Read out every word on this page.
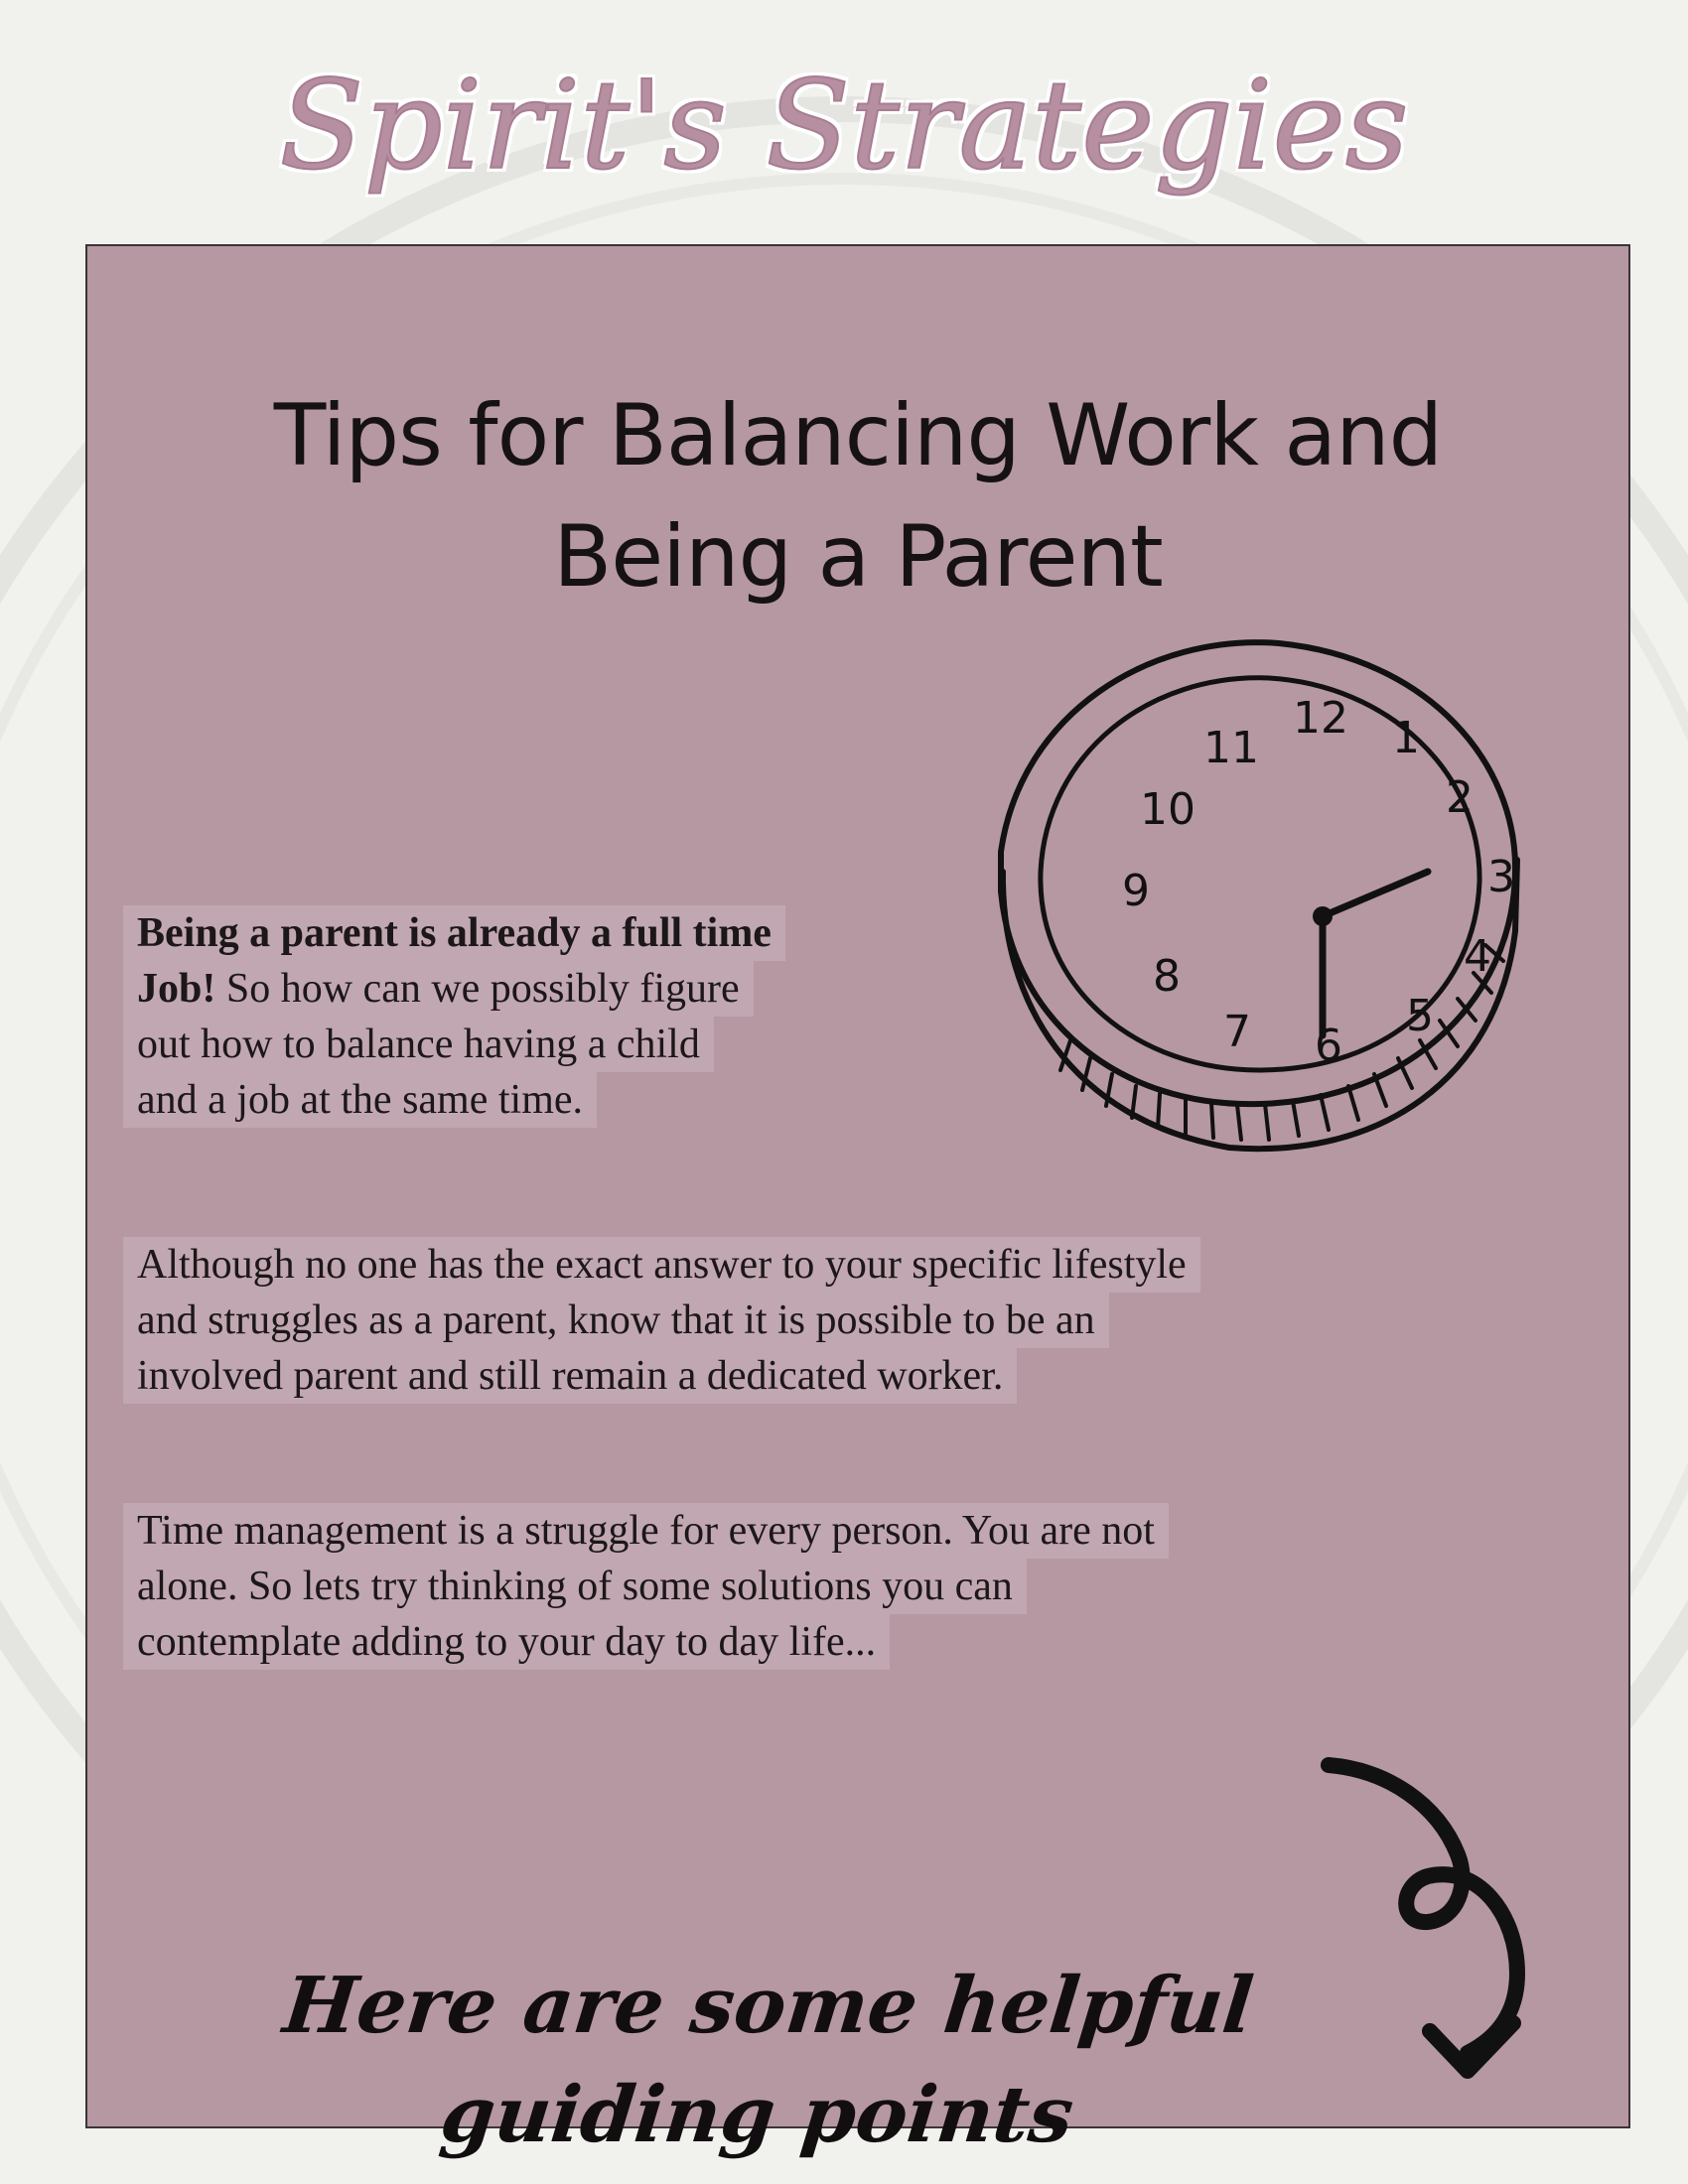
Spirit's Strategies
Tips for Balancing Work and
Being a Parent
12 1
2
3
4
5
6
7
8
9
10
11
Being a parent is already a full time
Job! So how can we possibly figure
out how to balance having a child
and a job at the same time.
Although no one has the exact answer to your specific lifestyle
and struggles as a parent, know that it is possible to be an
involved parent and still remain a dedicated worker.
Time management is a struggle for every person. You are not
alone. So lets try thinking of some solutions you can
contemplate adding to your day to day life...
Here are some helpful guiding points
